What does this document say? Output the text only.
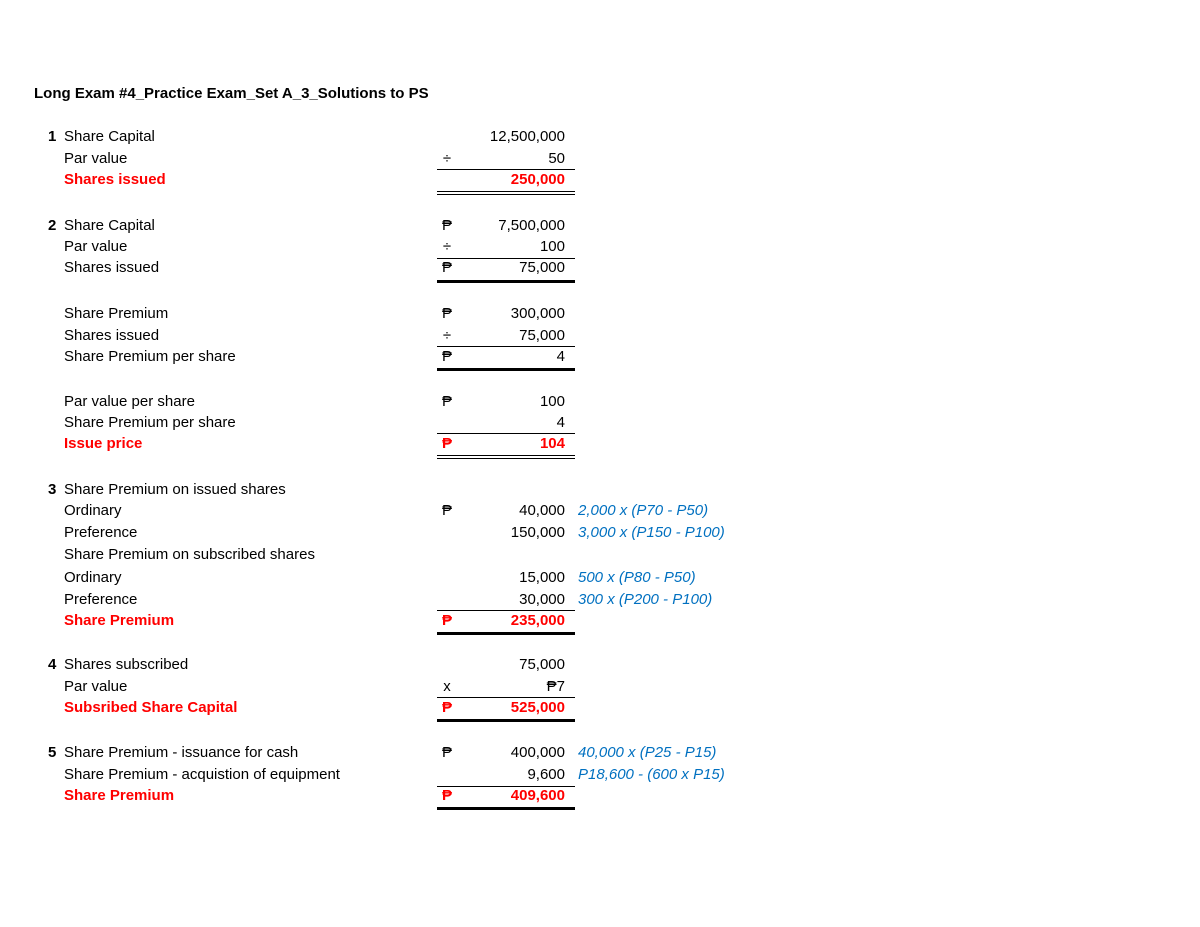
Long Exam #4_Practice Exam_Set A_3_Solutions to PS
1 Share Capital	12,500,000
Par value	÷	50
Shares issued	250,000
2 Share Capital	₱	7,500,000
Par value	÷	100
Shares issued	₱	75,000
Share Premium	₱	300,000
Shares issued	÷	75,000
Share Premium per share	₱	4
Par value per share	₱	100
Share Premium per share	4
Issue price	₱	104
3 Share Premium on issued shares
Ordinary	₱	40,000 2,000 x (P70 - P50)
Preference	150,000 3,000 x (P150 - P100)
Share Premium on subscribed shares
Ordinary	15,000 500 x (P80 - P50)
Preference	30,000 300 x (P200 - P100)
Share Premium	₱	235,000
4 Shares subscribed	75,000
Par value	x	₱7
Subsribed Share Capital	₱	525,000
5 Share Premium - issuance for cash	₱	400,000 40,000 x (P25 - P15)
Share Premium - acquistion of equipment	9,600 P18,600 - (600 x P15)
Share Premium	₱	409,600
